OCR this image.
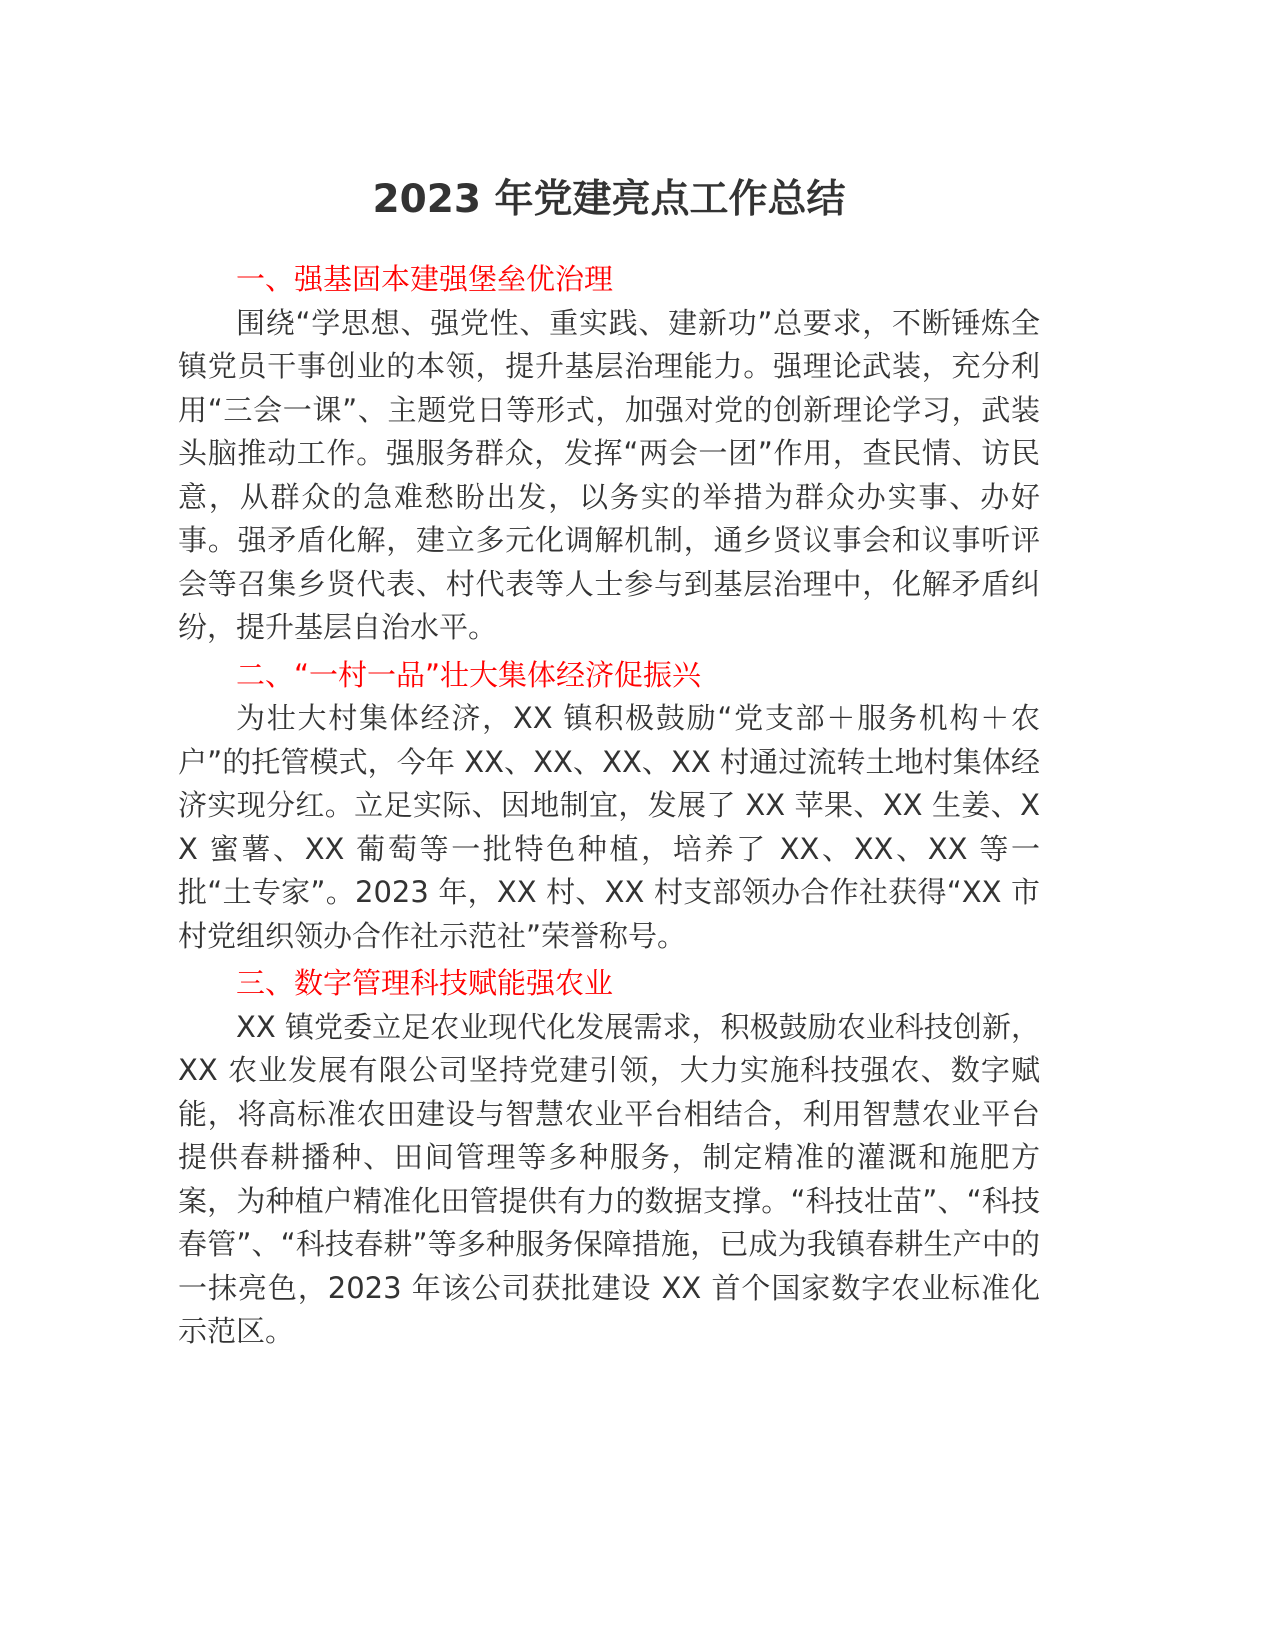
2023 年党建亮点工作总结

一、强基固本建强堡垒优治理

围绕“学思想、强党性、重实践、建新功”总要求，不断锤炼全镇党员干事创业的本领，提升基层治理能力。强理论武装，充分利用“三会一课”、主题党日等形式，加强对党的创新理论学习，武装头脑推动工作。强服务群众，发挥“两会一团”作用，查民情、访民意，从群众的急难愁盼出发，以务实的举措为群众办实事、办好事。强矛盾化解，建立多元化调解机制，通乡贤议事会和议事听评会等召集乡贤代表、村代表等人士参与到基层治理中，化解矛盾纠纷，提升基层自治水平。

二、“一村一品”壮大集体经济促振兴

为壮大村集体经济，XX 镇积极鼓励“党支部＋服务机构＋农户”的托管模式，今年 XX、XX、XX、XX 村通过流转土地村集体经济实现分红。立足实际、因地制宜，发展了 XX 苹果、XX 生姜、XX 蜜薯、XX 葡萄等一批特色种植，培养了 XX、XX、XX 等一批“土专家”。2023 年，XX 村、XX 村支部领办合作社获得“XX 市村党组织领办合作社示范社”荣誉称号。

三、数字管理科技赋能强农业

XX 镇党委立足农业现代化发展需求，积极鼓励农业科技创新，XX 农业发展有限公司坚持党建引领，大力实施科技强农、数字赋能，将高标准农田建设与智慧农业平台相结合，利用智慧农业平台提供春耕播种、田间管理等多种服务，制定精准的灌溉和施肥方案，为种植户精准化田管提供有力的数据支撑。“科技壮苗”、“科技春管”、“科技春耕”等多种服务保障措施，已成为我镇春耕生产中的一抹亮色，2023 年该公司获批建设 XX 首个国家数字农业标准化示范区。
